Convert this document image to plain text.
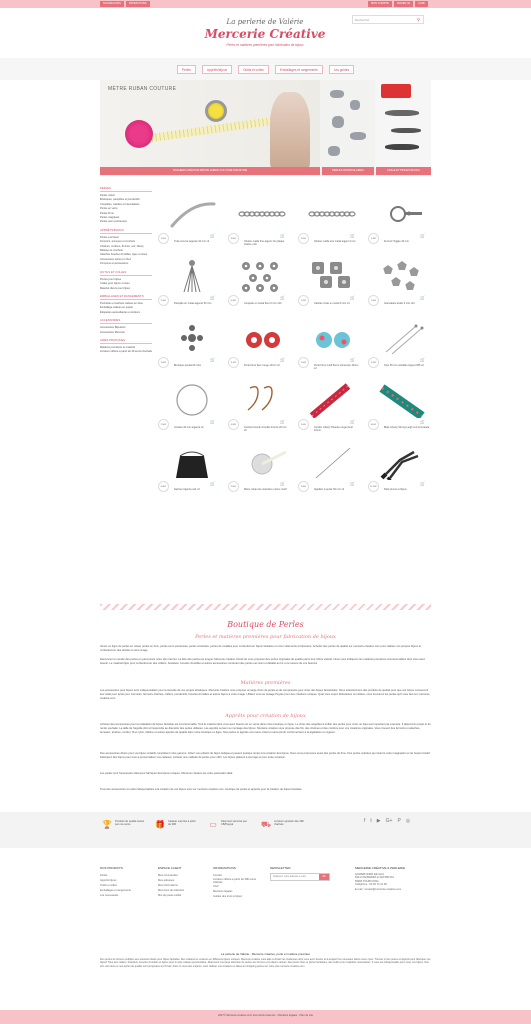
NOUVEAUTÉS	PROMOTIONS	MON COMPTE	PANIER (0)	0,00€
La perlerie de Valérie
Mercerie Créative
Perles et matières premières pour fabrication de bijoux
Rechercher	⚲
Perles	Apprêts/bijoux	Outils et colles	Emballages et rangements	Les guides
MÈTRE RUBAN COUTURE
ROCHERS CRÉATIVE MÈTRE RUBAN COUTURE INDUSTRIE	PERLES INTERCALAIRES	COLLE ET PINCES BIJOUX
PERLES
Perles métal
Breloques, pampilles et pendentifs
Coupelles, calottes et intercalaires
Perles en verre
Perles Fimo
Perles magiques
Perles semi précieuses
APPRÊTS/BIJOUX
Perles à écraser
Fermoirs, anneaux et crochets
Chaînes, cordons, fil cirés, cuir, liberty
Bélières et crochets
Attaches boucles d'oreilles, tiges et clous
Accessoires stores pr chez
Pompons et accessoires
OUTILS ET COLLES
Pinces pour bijoux
Colles pour bijoux et tissu
Matériel divers pour bijoux
EMBALLAGES ET RANGEMENTS
Pochettes et sachets cadeau en tissu
Emballage cadeau en papier
Étiquettes autocollantes et stickers
ACCESSOIRES
Accessoires Bijouterie
Accessoires Mercerie
AIDES PRATIQUES
Matières premières et matériel
Livraison offerte à partir de 39 euros d'achats
1,50€
🛒
Tube incurvé argenté 34 mm x2
3,50€
🛒
Chaîne maille fine argent 1m plaqué chaîne x1m
2,00€
🛒
Chaîne maille très métal argent 3 mm
1,90€
🛒
Fermoir Toggle 20 mm
2,50€
🛒
Pampille en métal argenté 50 mm
0,90€
🛒
Coupelle en métal fleur 6 mm x20
1,20€
🛒
Calotte ronde en métal 6 mm x4
1,50€
🛒
Intercalaire étoile 6 mm x10
2,60€
🛒
Breloque pendentif croix
3,70€
🛒
Perle Fimo fleur rouge 10mm x2
2,50€
🛒
Perle Fimo motif fleurs printemps 10mm x2
2,20€
🛒
Clou 50 mm véritable Argent 925 x2
2,50€
🛒
Créoles 40 mm argenté x2
0,90€
🛒
Crochet boucle d'oreille bronze 20 mm x6
2,00€
🛒
Cordon Liberty Phoebe rouge fleuri 10mm
3,00€
🛒
Biais Liberty Strong Leigh vert émeraude
0,80€
🛒
Sachet organza noir x2
2,50€
🛒
Mètre ruban de couturière même motif
2,90€
🛒
Aiguilles à perler 60 mm x2
11,90€
🛒
Pack pinces à bijoux
Boutique de Perles
Perles et matières premières pour fabrication de bijoux
Venez en ligne de perles en métal, perles en bois, perles semi précieuses, perles à facettes, perles de rocailles pour confectionner bijoux fantaisie et orner vêtements et bijouterie. Achetez des perles de qualité sur mercerie-creative.com pour réaliser vos propres bijoux et confectionner des articles à votre image.
Découvrez le monde des perles en parcourant notre site internet. La liste des perles est longue. Mercerie créative choisit de vous proposer des perles originales de qualité parmi leur infinie variété. Nous vous indiquons les matières premières incontournables dont vous avez besoin. Le matériel bijou pour confectionner des colliers, bracelets, boucles d'oreilles et autres accessoires contenant des perles est réuni et détaillé au fur et à mesure de vos besoins.
Matières premières
Les accessoires pour bijoux sont indispensables pour la réussite de vos projets artistiques. Mercerie créative vous propose un large choix de perles et de composants pour créer des bijoux fantaisistes. Nous sélectionnons des produits de qualité pour que vos bijoux conservent leur éclat pour après jour. Fermoirs, fermoirs-chaînes, colliers, pendentifs, boucles d'oreilles et autres bijoux à votre image. Utilisez vous au tissage Peyote pour des créations uniques. Quel vous soyez débutantes ou initiées, vous trouverez les perles qu'il vous faut sur mercerie-creative.com.
Apprêts pour création de bijoux
Achetez des accessoires pour la réalisation de bijoux fantaisie est incontournable. Tout le matériel dont vous avez besoin est en vente dans notre boutique en ligne. Le choix des anguilles à enfiler des perles pour créer un bijou est important par exemple. Il dépend du projet et du rendu souhaité. La taille de l'aiguille doit correspondre au diamètre des perles utilisées. Les apprêts servent au montage des bijoux. Mercerie créative vous propose des fils, des chaînes et des cordons pour vos créations originales. Vous trouvez des fermoirs et attaches, anneaux, étrières, cordon, fil et nylon, bélière et autres apprêts de qualité dans notre boutique en ligne. Nos perles et apprêts sont sans nickel et sans plomb conformément à la législation en vigueur.
Des accessoires divers pour vos bijoux créatifs complètent notre gamme. Initiez vos enfants de façon ludique et passez quelque temps à la création des bijoux. Nous vous proposons aussi des perles de fimo. Des perles colorées qui raviront votre imagination et de l'esprit créatif. Fabriquez des bijoux pour tous à personnaliser vos cadeaux. Acheter une mallette de perles pour offrir. Les bijoux plaisent à tout âge et pour toute occasion.
Les perles sont l'accessoire idéal pour fabriquer des bijoux uniques. Mercerie créative est votre partenaire idéal.
Tous des accessoires et outils indispensables à la création de vos bijoux sont sur mercerie-creative.com, boutique de perles et apprêts pour la création de bijoux fantaisie.
🏆 Produits de qualité testés par nos soins	🎁 Cadeau surprise à partir de 30€	▭	Paiement sécurisé par CB/Paypal	⛟ Livraison gratuite dès 39€ d'achats
f t ▶ G+ P ◎
NOS PRODUITS
Perles
Apprêts bijoux
Outils et colles
Emballages et rangements
Les nouveautés
ESPACE CLIENT
Mes commandes
Mes adresses
Mes informations
Mes bons de réduction
Mot de passe oublié
INFORMATIONS
Contact
Livraison offerte à partir de 39€ euros d'achats
CGV
Mentions légales
Guides des trucs à bijoux
NEWSLETTER
Saisissez votre adresse e-mail	OK
MERCERIE CRÉATIVE & PERLERIE
GOWEB NORD Edmond
6621 FIANNERES & 618 580 641
59000 TOURCOING
Téléphone : 03 66 72 12 05
E-mail : contact@mercerie-creative.com
La perlerie de Valérie - Mercerie créative, perle et matière première
Des perles de formes multiples aux étonnant tisoks pour bijoux fantaisie. Des matières et couleurs en différents bijoux uniques. Mercerie créative vous aide à choisir les meilleures dont vous avez besoin et à acquérir les nouveaux talons créer créer. Trouvez ici les perles et apprêts pour fabriquer vos bijoux! Tous des colliers, bracelets, boucles d'oreilles et bijoux pour le style cadeau personnalisé. Retrouvez une large sélection de perles aux formes et couleurs variées, des perles fines et perles fantaisies, des outils et les matériels nécessaires. Il vous est indispensable pour créer vos bijoux. Nos prix sont doux et nos perles de qualité sont proposées à prix bas. Alors si vous êtes inspirés, osez réaliser vos créations et faites du shopping perles sur notre site mercerie-creative.com.
2017© Mercerie-creative.com tous droits réservés · Mentions légales · Plan du site
